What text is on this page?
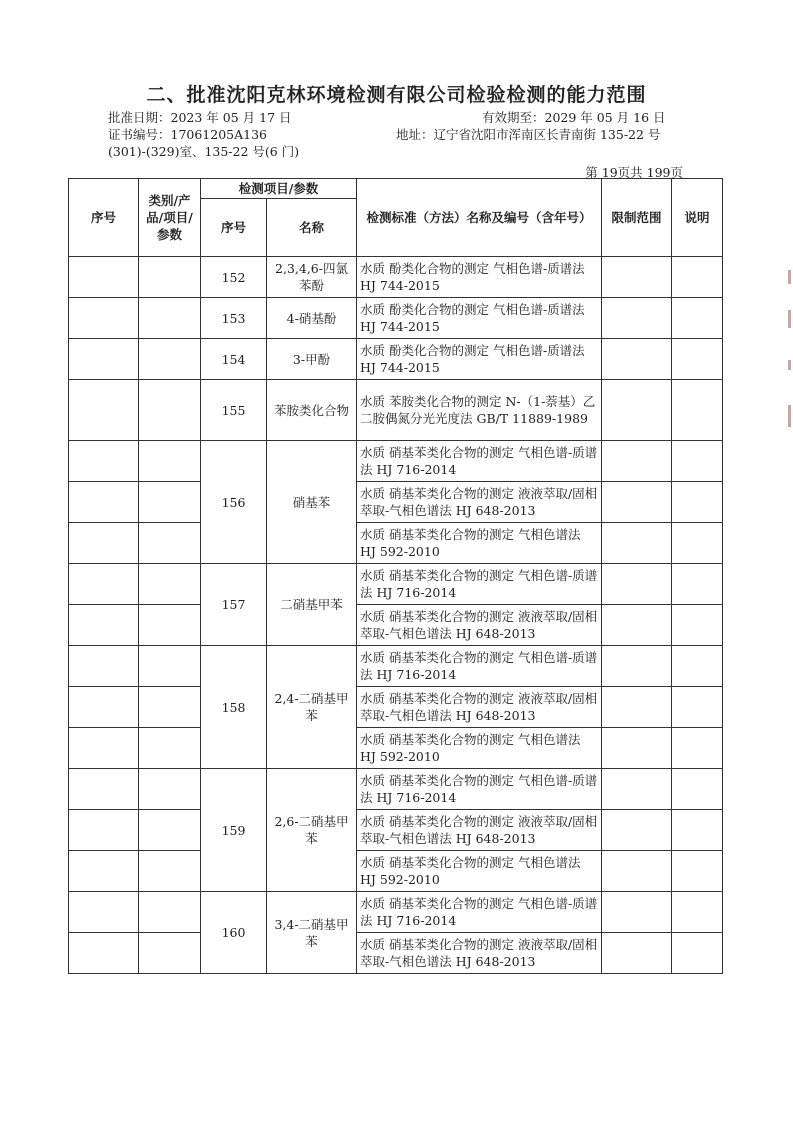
二、批准沈阳克林环境检测有限公司检验检测的能力范围
批准日期：2023 年 05 月 17 日	有效期至：2029 年 05 月 16 日
证书编号：17061205A136	地址：辽宁省沈阳市浑南区长青南街 135-22 号
(301)-(329)室、135-22 号(6 门)
第 19页共 199页
序号	类别/产品/项目/参数	检测项目/参数		检测标准（方法）名称及编号（含年号）	限制范围	说明
		序号	名称			
		152	2,3,4,6-四氯苯酚	水质 酚类化合物的测定 气相色谱-质谱法 HJ 744-2015		
		153	4-硝基酚	水质 酚类化合物的测定 气相色谱-质谱法 HJ 744-2015		
		154	3-甲酚	水质 酚类化合物的测定 气相色谱-质谱法 HJ 744-2015		
		155	苯胺类化合物	水质 苯胺类化合物的测定 N-（1-萘基）乙二胺偶氮分光光度法 GB/T 11889-1989		
		156	硝基苯	水质 硝基苯类化合物的测定 气相色谱-质谱法 HJ 716-2014		
				水质 硝基苯类化合物的测定 液液萃取/固相萃取-气相色谱法 HJ 648-2013		
				水质 硝基苯类化合物的测定 气相色谱法 HJ 592-2010		
		157	二硝基甲苯	水质 硝基苯类化合物的测定 气相色谱-质谱法 HJ 716-2014		
				水质 硝基苯类化合物的测定 液液萃取/固相萃取-气相色谱法 HJ 648-2013		
		158	2,4-二硝基甲苯	水质 硝基苯类化合物的测定 气相色谱-质谱法 HJ 716-2014		
				水质 硝基苯类化合物的测定 液液萃取/固相萃取-气相色谱法 HJ 648-2013		
				水质 硝基苯类化合物的测定 气相色谱法 HJ 592-2010		
		159	2,6-二硝基甲苯	水质 硝基苯类化合物的测定 气相色谱-质谱法 HJ 716-2014		
				水质 硝基苯类化合物的测定 液液萃取/固相萃取-气相色谱法 HJ 648-2013		
				水质 硝基苯类化合物的测定 气相色谱法 HJ 592-2010		
		160	3,4-二硝基甲苯	水质 硝基苯类化合物的测定 气相色谱-质谱法 HJ 716-2014		
				水质 硝基苯类化合物的测定 液液萃取/固相萃取-气相色谱法 HJ 648-2013		
